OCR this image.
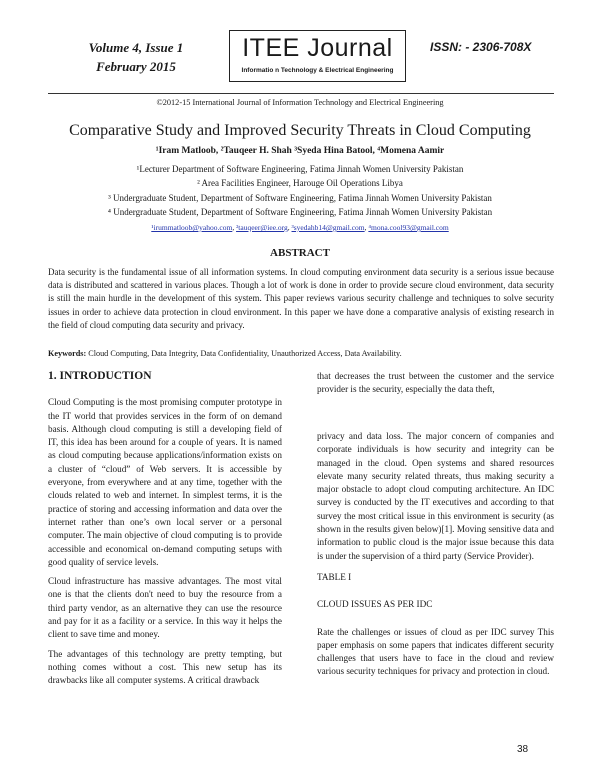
Volume 4, Issue 1
February 2015
ITEE Journal
Informatio n Technology & Electrical Engineering
ISSN: - 2306-708X
©2012-15 International Journal of Information Technology and Electrical Engineering
Comparative Study and Improved Security Threats in Cloud Computing
¹Iram Matloob, ²Tauqeer H. Shah ³Syeda Hina Batool, ⁴Momena Aamir
¹Lecturer Department of Software Engineering, Fatima Jinnah Women University Pakistan
² Area Facilities Engineer, Harouge Oil Operations Libya
³ Undergraduate Student, Department of Software Engineering, Fatima Jinnah Women University Pakistan
⁴ Undergraduate Student, Department of Software Engineering, Fatima Jinnah Women University Pakistan
¹irummatloob@yahoo.com, ²tauqeer@iee.org, ³syedahb14@gmail.com, ⁴mona.cool93@gmail.com
ABSTRACT
Data security is the fundamental issue of all information systems. In cloud computing environment data security is a serious issue because data is distributed and scattered in various places. Though a lot of work is done in order to provide secure cloud environment, data security is still the main hurdle in the development of this system. This paper reviews various security challenge and techniques to solve security issues in order to achieve data protection in cloud environment. In this paper we have done a comparative analysis of existing research in the field of cloud computing data security and privacy.
Keywords: Cloud Computing, Data Integrity, Data Confidentiality, Unauthorized Access, Data Availability.
1. INTRODUCTION

Cloud Computing is the most promising computer prototype in the IT world that provides services in the form of on demand basis. Although cloud computing is still a developing field of IT, this idea has been around for a couple of years. It is named as cloud computing because applications/information exists on a cluster of “cloud” of Web servers. It is accessible by everyone, from everywhere and at any time, together with the clouds related to web and internet. In simplest terms, it is the practice of storing and accessing information and data over the internet rather than one’s own local server or a personal computer. The main objective of cloud computing is to provide accessible and economical on-demand computing setups with good quality of service levels.

Cloud infrastructure has massive advantages. The most vital one is that the clients don't need to buy the resource from a third party vendor, as an alternative they can use the resource and pay for it as a facility or a service. In this way it helps the client to save time and money.

The advantages of this technology are pretty tempting, but nothing comes without a cost. This new setup has its drawbacks like all computer systems. A critical drawback

that decreases the trust between the customer and the service provider is the security, especially the data theft,

privacy and data loss. The major concern of companies and corporate individuals is how security and integrity can be managed in the cloud. Open systems and shared resources elevate many security related threats, thus making security a major obstacle to adopt cloud computing architecture. An IDC survey is conducted by the IT executives and according to that survey the most critical issue in this environment is security (as shown in the results given below)[1]. Moving sensitive data and information to public cloud is the major issue because this data is under the supervision of a third party (Service Provider).

TABLE I

CLOUD ISSUES AS PER IDC

Rate the challenges or issues of cloud as per IDC survey This paper emphasis on some papers that indicates different security challenges that users have to face in the cloud and review various security techniques for privacy and protection in cloud.

38
